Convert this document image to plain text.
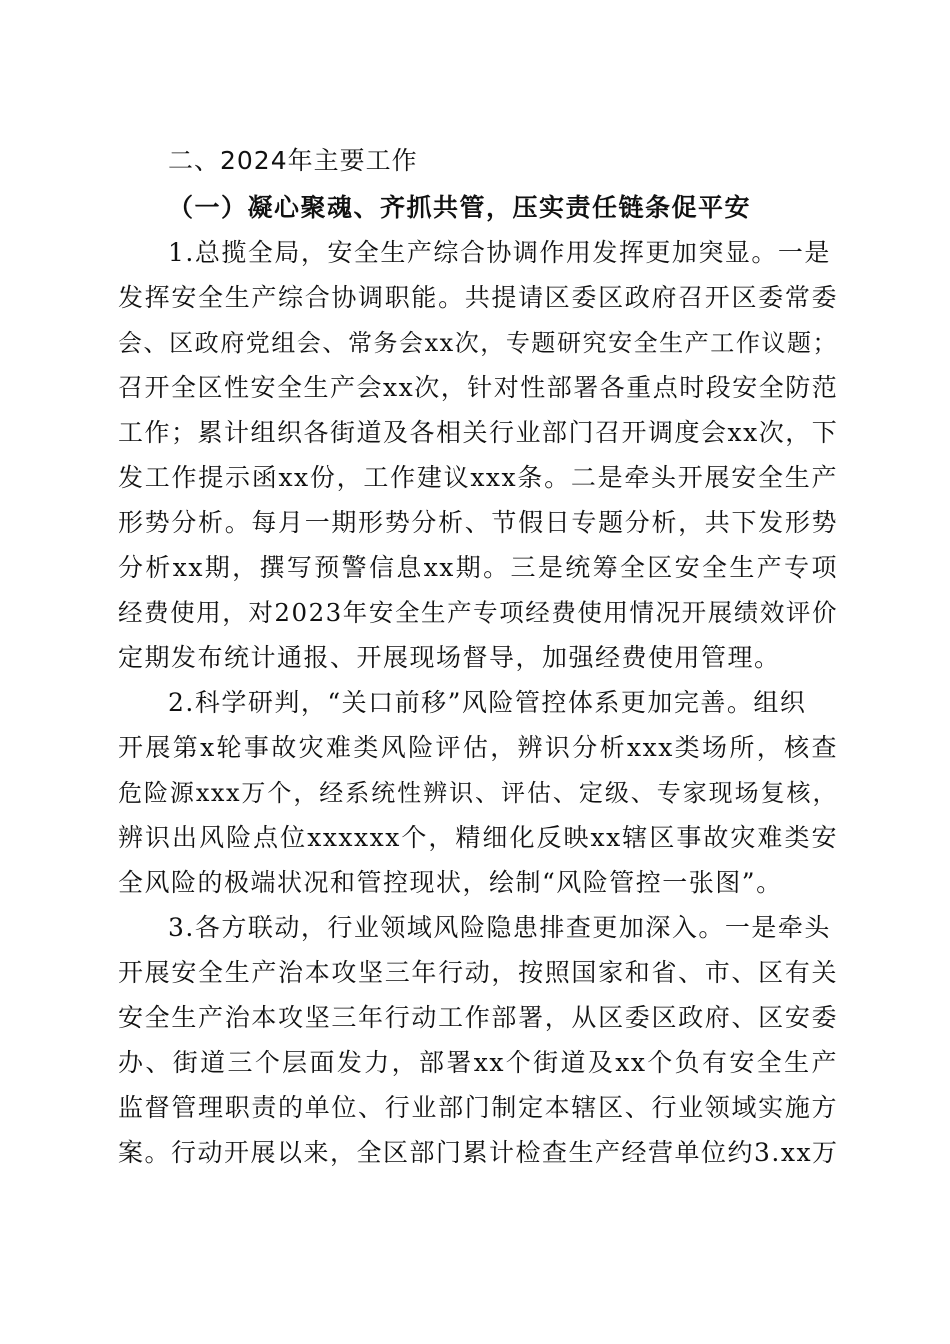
二、2024年主要工作
（一）凝心聚魂、齐抓共管，压实责任链条促平安
1.总揽全局，安全生产综合协调作用发挥更加突显。一是
发挥安全生产综合协调职能。共提请区委区政府召开区委常委
会、区政府党组会、常务会xx次，专题研究安全生产工作议题；
召开全区性安全生产会xx次，针对性部署各重点时段安全防范
工作；累计组织各街道及各相关行业部门召开调度会xx次，下
发工作提示函xx份，工作建议xxx条。二是牵头开展安全生产
形势分析。每月一期形势分析、节假日专题分析，共下发形势
分析xx期，撰写预警信息xx期。三是统筹全区安全生产专项
经费使用，对2023年安全生产专项经费使用情况开展绩效评价
定期发布统计通报、开展现场督导，加强经费使用管理。
2.科学研判，“关口前移”风险管控体系更加完善。组织
开展第x轮事故灾难类风险评估，辨识分析xxx类场所，核查
危险源xxx万个，经系统性辨识、评估、定级、专家现场复核，
辨识出风险点位xxxxxx个，精细化反映xx辖区事故灾难类安
全风险的极端状况和管控现状，绘制“风险管控一张图”。
3.各方联动，行业领域风险隐患排查更加深入。一是牵头
开展安全生产治本攻坚三年行动，按照国家和省、市、区有关
安全生产治本攻坚三年行动工作部署，从区委区政府、区安委
办、街道三个层面发力，部署xx个街道及xx个负有安全生产
监督管理职责的单位、行业部门制定本辖区、行业领域实施方
案。行动开展以来，全区部门累计检查生产经营单位约3.xx万
